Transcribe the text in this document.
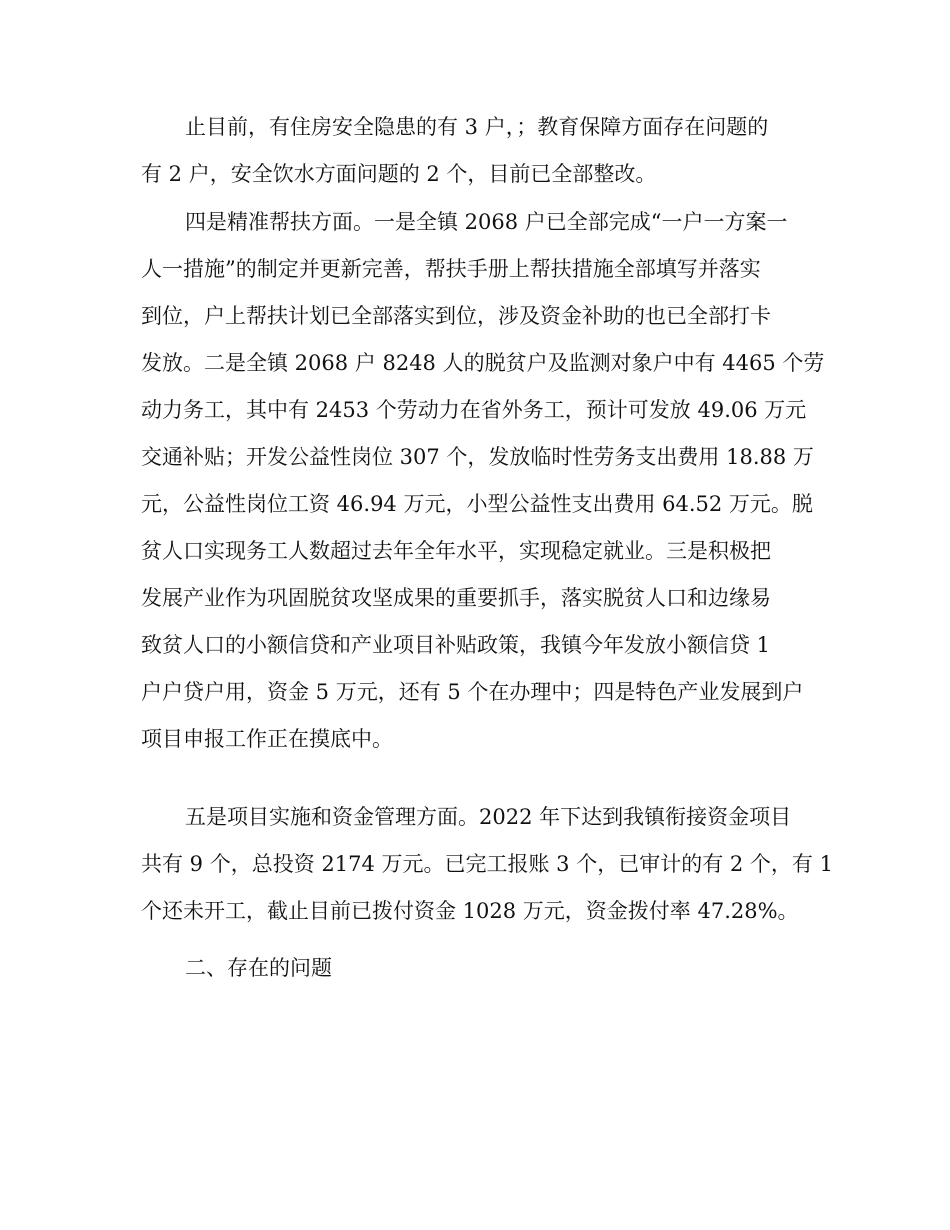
止目前，有住房安全隐患的有 3 户，；教育保障方面存在问题的
有 2 户，安全饮水方面问题的 2 个，目前已全部整改。
四是精准帮扶方面。一是全镇 2068 户已全部完成“一户一方案一
人一措施”的制定并更新完善，帮扶手册上帮扶措施全部填写并落实
到位，户上帮扶计划已全部落实到位，涉及资金补助的也已全部打卡
发放。二是全镇 2068 户 8248 人的脱贫户及监测对象户中有 4465 个劳
动力务工，其中有 2453 个劳动力在省外务工，预计可发放 49.06 万元
交通补贴；开发公益性岗位 307 个，发放临时性劳务支出费用 18.88 万
元，公益性岗位工资 46.94 万元，小型公益性支出费用 64.52 万元。脱
贫人口实现务工人数超过去年全年水平，实现稳定就业。三是积极把
发展产业作为巩固脱贫攻坚成果的重要抓手，落实脱贫人口和边缘易
致贫人口的小额信贷和产业项目补贴政策，我镇今年发放小额信贷 1
户户贷户用，资金 5 万元，还有 5 个在办理中；四是特色产业发展到户
项目申报工作正在摸底中。
五是项目实施和资金管理方面。2022 年下达到我镇衔接资金项目
共有 9 个，总投资 2174 万元。已完工报账 3 个，已审计的有 2 个，有 1
个还未开工，截止目前已拨付资金 1028 万元，资金拨付率 47.28%。
二、存在的问题
